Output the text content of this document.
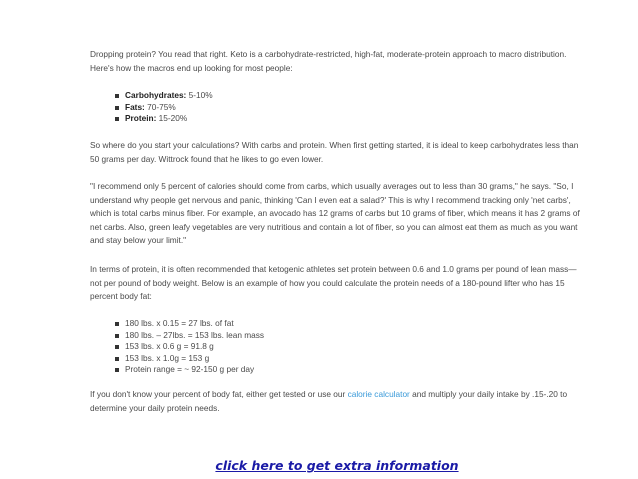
Dropping protein? You read that right. Keto is a carbohydrate-restricted, high-fat, moderate-protein approach to macro distribution. Here's how the macros end up looking for most people:

Carbohydrates: 5-10%
Fats: 70-75%
Protein: 15-20%

So where do you start your calculations? With carbs and protein. When first getting started, it is ideal to keep carbohydrates less than 50 grams per day. Wittrock found that he likes to go even lower.

"I recommend only 5 percent of calories should come from carbs, which usually averages out to less than 30 grams," he says. "So, I understand why people get nervous and panic, thinking 'Can I even eat a salad?' This is why I recommend tracking only 'net carbs', which is total carbs minus fiber. For example, an avocado has 12 grams of carbs but 10 grams of fiber, which means it has 2 grams of net carbs. Also, green leafy vegetables are very nutritious and contain a lot of fiber, so you can almost eat them as much as you want and stay below your limit."

In terms of protein, it is often recommended that ketogenic athletes set protein between 0.6 and 1.0 grams per pound of lean mass—not per pound of body weight. Below is an example of how you could calculate the protein needs of a 180-pound lifter who has 15 percent body fat:

180 lbs. x 0.15 = 27 lbs. of fat
180 lbs. – 27lbs. = 153 lbs. lean mass
153 lbs. x 0.6 g = 91.8 g
153 lbs. x 1.0g = 153 g
Protein range = ~ 92-150 g per day

If you don't know your percent of body fat, either get tested or use our calorie calculator and multiply your daily intake by .15-.20 to determine your daily protein needs.

click here to get extra information
